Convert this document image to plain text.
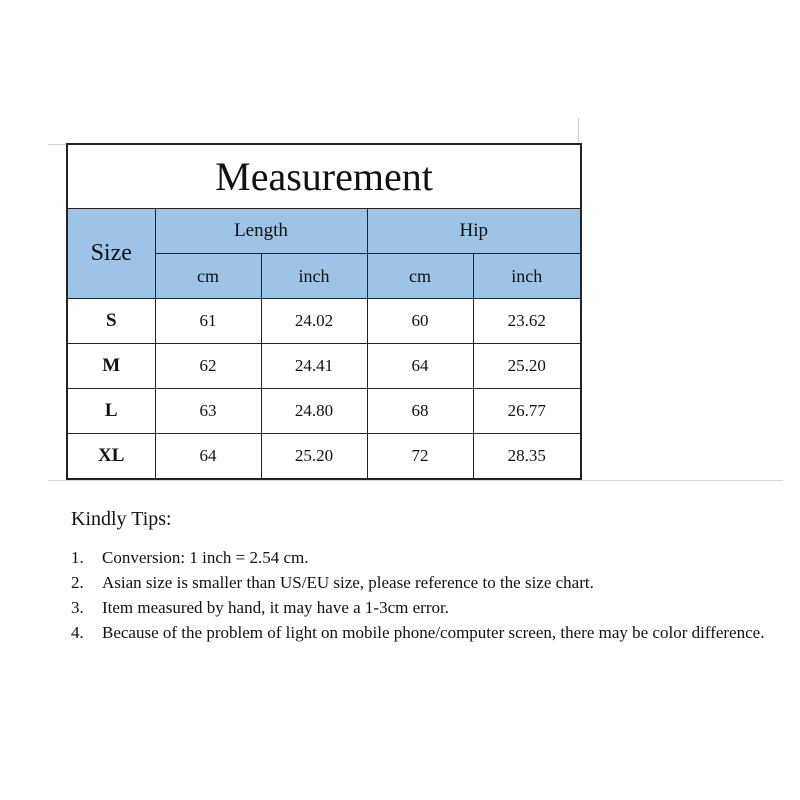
Measurement				
Size	Length		Hip	
	cm	inch	cm	inch
S	61	24.02	60	23.62
M	62	24.41	64	25.20
L	63	24.80	68	26.77
XL	64	25.20	72	28.35

Kindly Tips:

1. Conversion: 1 inch = 2.54 cm.
2. Asian size is smaller than US/EU size, please reference to the size chart.
3. Item measured by hand, it may have a 1-3cm error.
4. Because of the problem of light on mobile phone/computer screen, there may be color difference.
